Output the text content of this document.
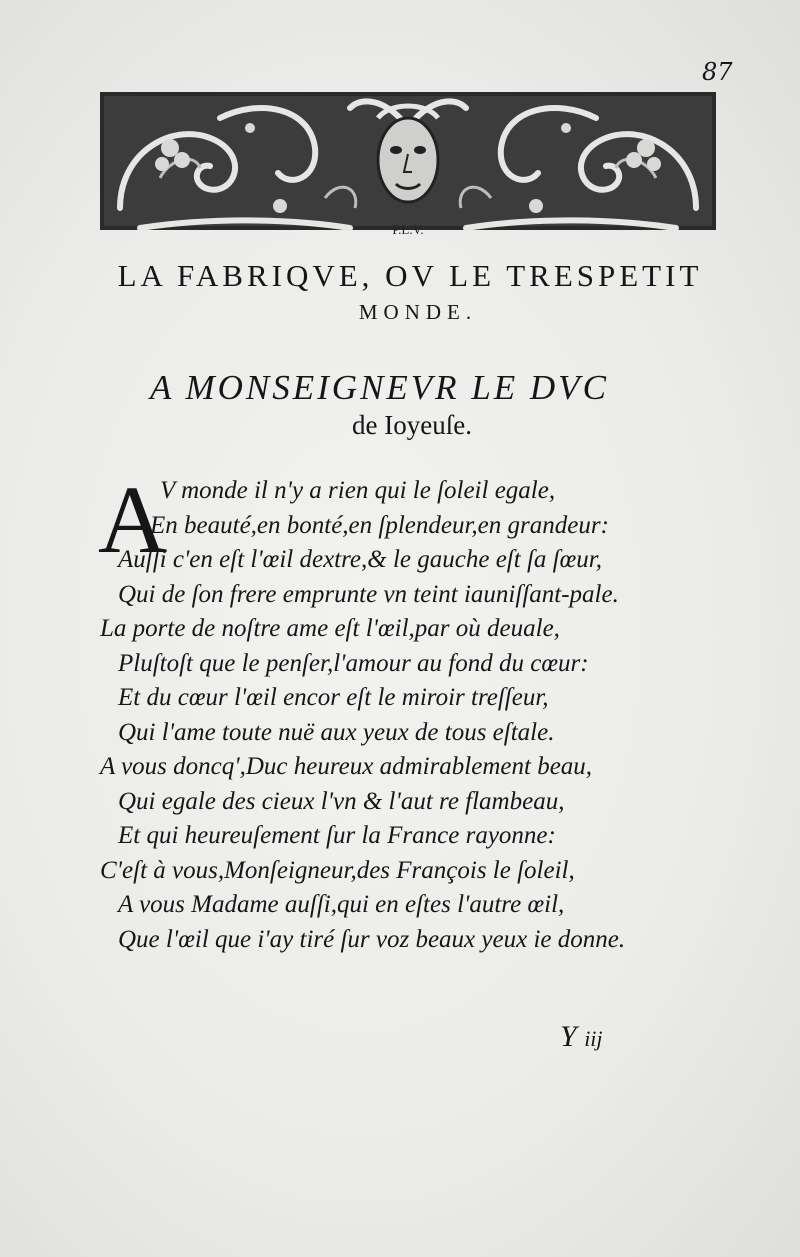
87
P.L.V.
LA FABRIQVE, OV LE TRESPETIT
MONDE.
A MONSEIGNEVR LE DVC
de Ioyeuſe.
A
V monde il n'y a rien qui le ſoleil egale,
En beauté,en bonté,en ſplendeur,en grandeur:
Auſſi c'en eſt l'œil dextre,& le gauche eſt ſa ſœur,
Qui de ſon frere emprunte vn teint iauniſſant-pale.
La porte de noſtre ame eſt l'œil,par où deuale,
Pluſtoſt que le penſer,l'amour au fond du cœur:
Et du cœur l'œil encor eſt le miroir treſſeur,
Qui l'ame toute nuë aux yeux de tous eſtale.
A vous doncq',Duc heureux admirablement beau,
Qui egale des cieux l'vn & l'aut re flambeau,
Et qui heureuſement ſur la France rayonne:
C'eſt à vous,Monſeigneur,des François le ſoleil,
A vous Madame auſſi,qui en eſtes l'autre œil,
Que l'œil que i'ay tiré ſur voz beaux yeux ie donne.
Y iij
